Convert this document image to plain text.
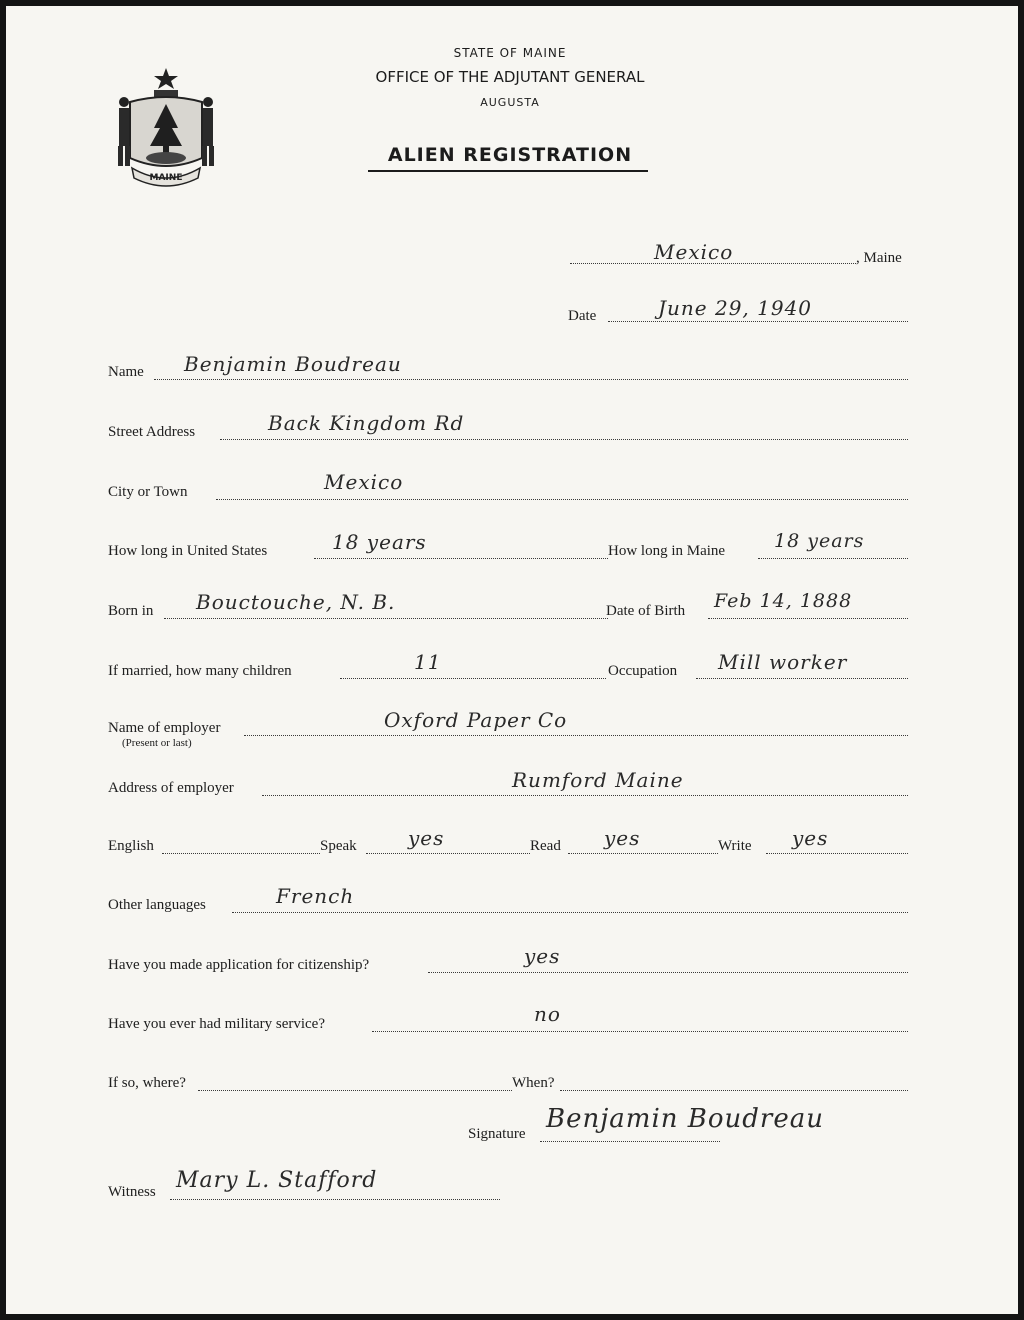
MAINE
STATE OF MAINE
OFFICE OF THE ADJUTANT GENERAL
AUGUSTA
ALIEN REGISTRATION
Mexico	, Maine
Date	June 29, 1940
Name Benjamin Boudreau
Street Address	Back Kingdom Rd
City or Town	Mexico
How long in United States	18 years	How long in Maine	18 years
Born in Bouctouche, N. B.	Date of Birth Feb 14, 1888
If married, how many children	11	Occupation Mill worker
Name of employer
(Present or last)
Oxford Paper Co
Address of employer	Rumford Maine
English	Speak	yes	Read yes	Write yes
Other languages	French
Have you made application for citizenship?	yes
Have you ever had military service?	no
If so, where?	When?
Signature Benjamin Boudreau
Witness Mary L. Stafford
